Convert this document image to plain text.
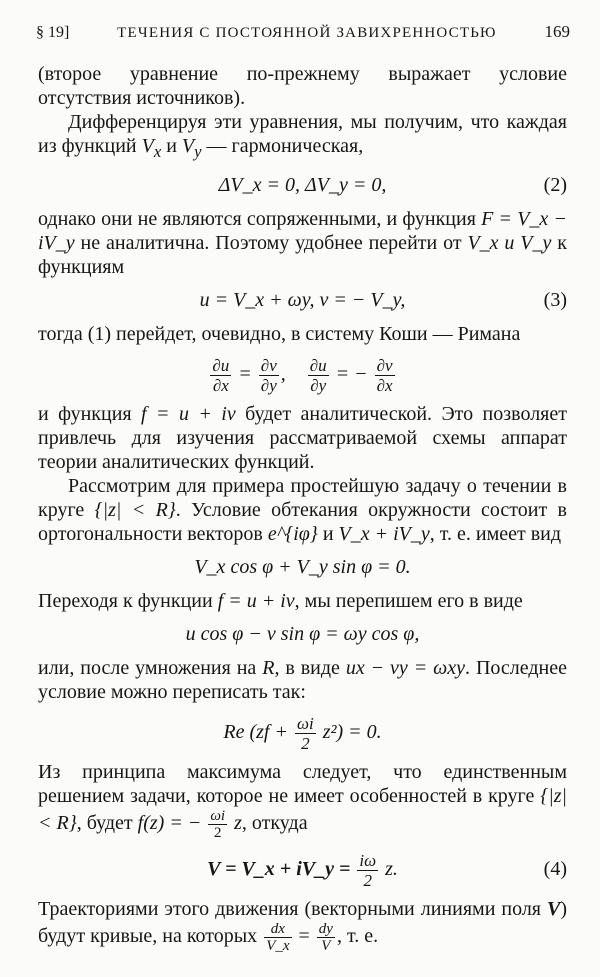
§ 19]	ТЕЧЕНИЯ С ПОСТОЯННОЙ ЗАВИХРЕННОСТЬЮ	169

(второе уравнение по-прежнему выражает условие отсутствия источников).

Дифференцируя эти уравнения, мы получим, что каждая из функций $V_x$ и $V_y$ — гармоническая,

ΔV_x = 0, ΔV_y = 0,	(2)

однако они не являются сопряженными, и функция F = V_x − iV_y не аналитична. Поэтому удобнее перейти от V_x и V_y к функциям

u = V_x + ωy, v = − V_y,	(3)

тогда (1) перейдет, очевидно, в систему Коши — Римана

$\frac{\partial u}{\partial x} = \frac{\partial v}{\partial y}$ , $\frac{\partial u}{\partial y}$ = − $\frac{\partial v}{\partial x}$

и функция f = u + iv будет аналитической. Это позволяет привлечь для изучения рассматриваемой схемы аппарат теории аналитических функций.

Рассмотрим для примера простейшую задачу о течении в круге {|z| < R}. Условие обтекания окружности состоит в ортогональности векторов e^{iφ} и V_x + iV_y, т. е. имеет вид

V_x cos φ + V_y sin φ = 0.

Переходя к функции f = u + iv, мы перепишем его в виде

u cos φ − v sin φ = ωy cos φ,

или, после умножения на R, в виде ux − vy = ωxy. Последнее условие можно переписать так:

Re $(zf + \frac{\omega i}{2} z^2) = 0$.

Из принципа максимума следует, что единственным решением задачи, которое не имеет особенностей в круге {|z| < R}, будет f(z) = − $\frac{\omega i}{2} z$, откуда

V = V_x + iV_y = $\frac{i\omega}{2} z$.	(4)

Траекториями этого движения (векторными линиями поля V) будут кривые, на которых $\frac{dx}{V\_x} = \frac{dy}{V}$ , т. е.
